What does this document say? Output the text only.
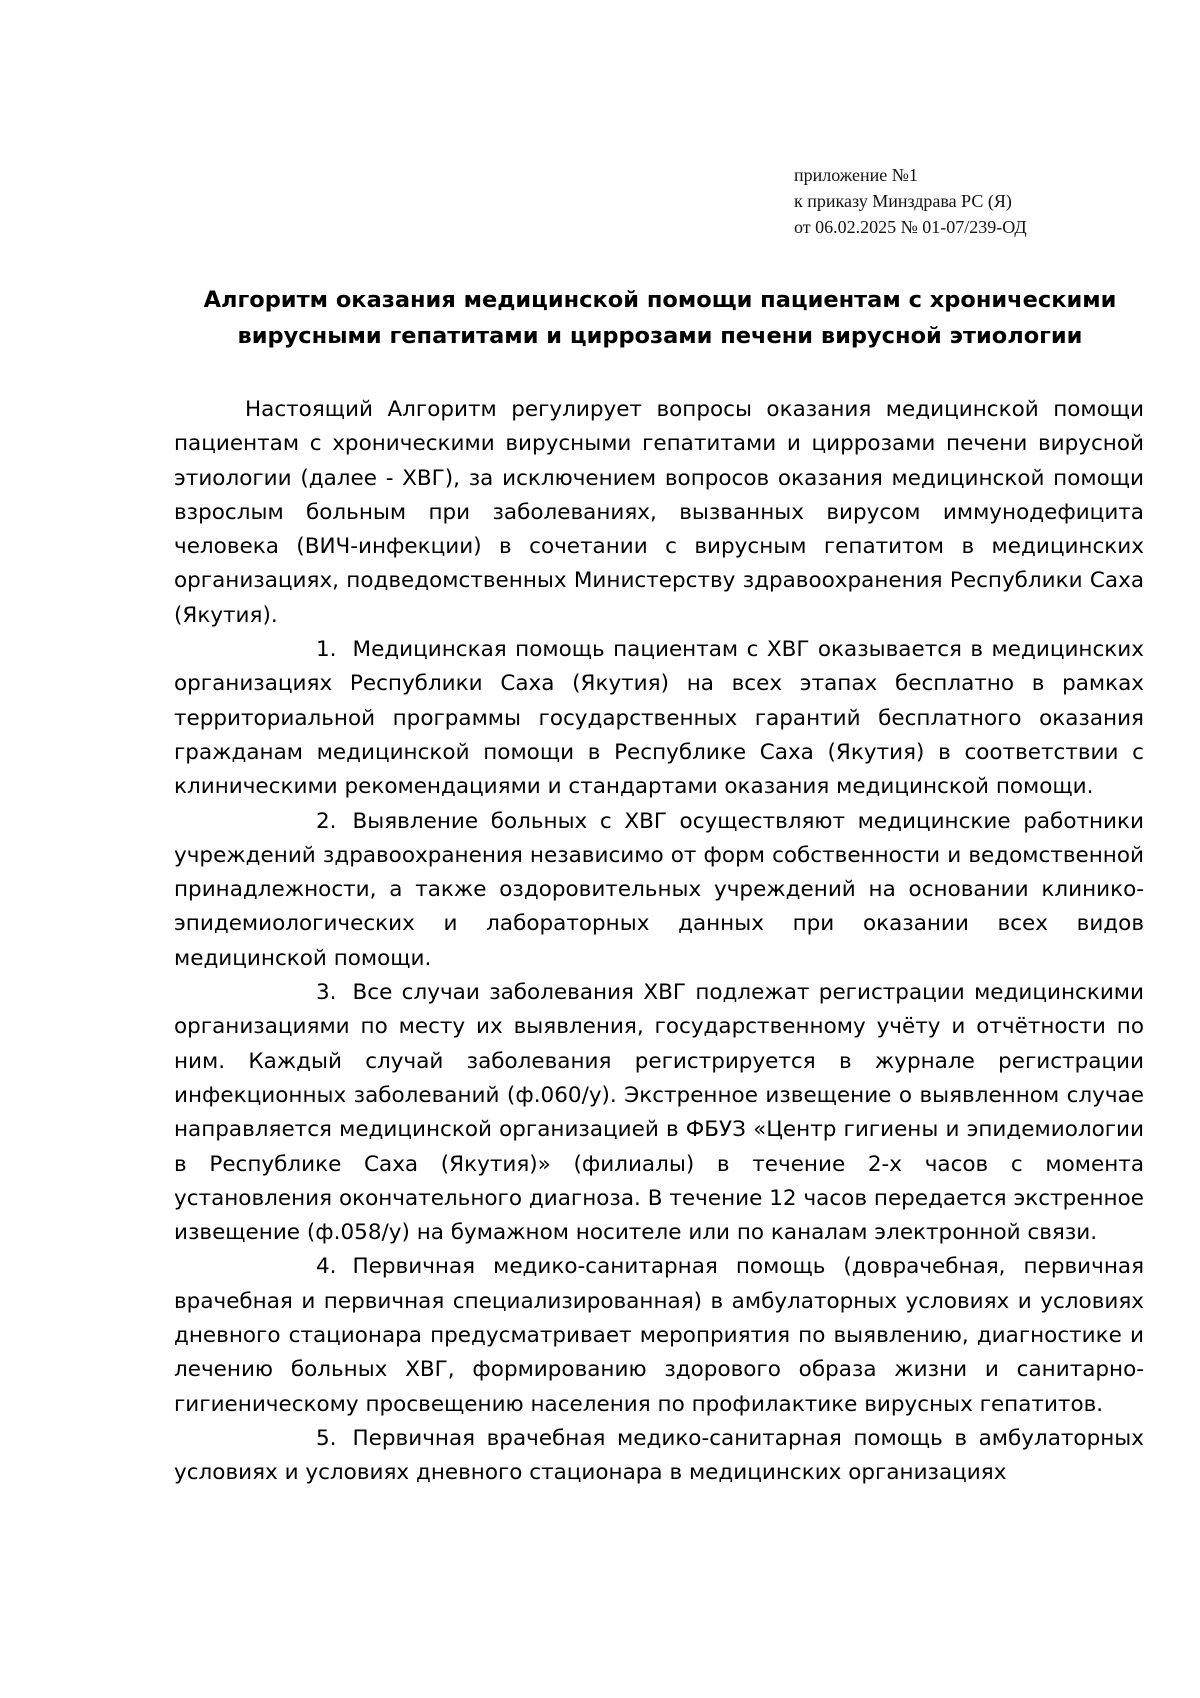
приложение №1
к приказу Минздрава РС (Я)
от 06.02.2025 № 01-07/239-ОД
Алгоритм оказания медицинской помощи пациентам с хроническими
вирусными гепатитами и циррозами печени вирусной этиологии

Настоящий Алгоритм регулирует вопросы оказания медицинской помощи пациентам с хроническими вирусными гепатитами и циррозами печени вирусной этиологии (далее - ХВГ), за исключением вопросов оказания медицинской помощи взрослым больным при заболеваниях, вызванных вирусом иммунодефицита человека (ВИЧ-инфекции) в сочетании с вирусным гепатитом в медицинских организациях, подведомственных Министерству здравоохранения Республики Саха (Якутия).

1. Медицинская помощь пациентам с ХВГ оказывается в медицинских организациях Республики Саха (Якутия) на всех этапах бесплатно в рамках территориальной программы государственных гарантий бесплатного оказания гражданам медицинской помощи в Республике Саха (Якутия) в соответствии с клиническими рекомендациями и стандартами оказания медицинской помощи.

2. Выявление больных с ХВГ осуществляют медицинские работники учреждений здравоохранения независимо от форм собственности и ведомственной принадлежности, а также оздоровительных учреждений на основании клинико-эпидемиологических и лабораторных данных при оказании всех видов медицинской помощи.

3. Все случаи заболевания ХВГ подлежат регистрации медицинскими организациями по месту их выявления, государственному учёту и отчётности по ним. Каждый случай заболевания регистрируется в журнале регистрации инфекционных заболеваний (ф.060/у). Экстренное извещение о выявленном случае направляется медицинской организацией в ФБУЗ «Центр гигиены и эпидемиологии в Республике Саха (Якутия)» (филиалы) в течение 2-х часов с момента установления окончательного диагноза. В течение 12 часов передается экстренное извещение (ф.058/у) на бумажном носителе или по каналам электронной связи.

4. Первичная медико-санитарная помощь (доврачебная, первичная врачебная и первичная специализированная) в амбулаторных условиях и условиях дневного стационара предусматривает мероприятия по выявлению, диагностике и лечению больных ХВГ, формированию здорового образа жизни и санитарно-гигиеническому просвещению населения по профилактике вирусных гепатитов.

5. Первичная врачебная медико-санитарная помощь в амбулаторных условиях и условиях дневного стационара в медицинских организациях
